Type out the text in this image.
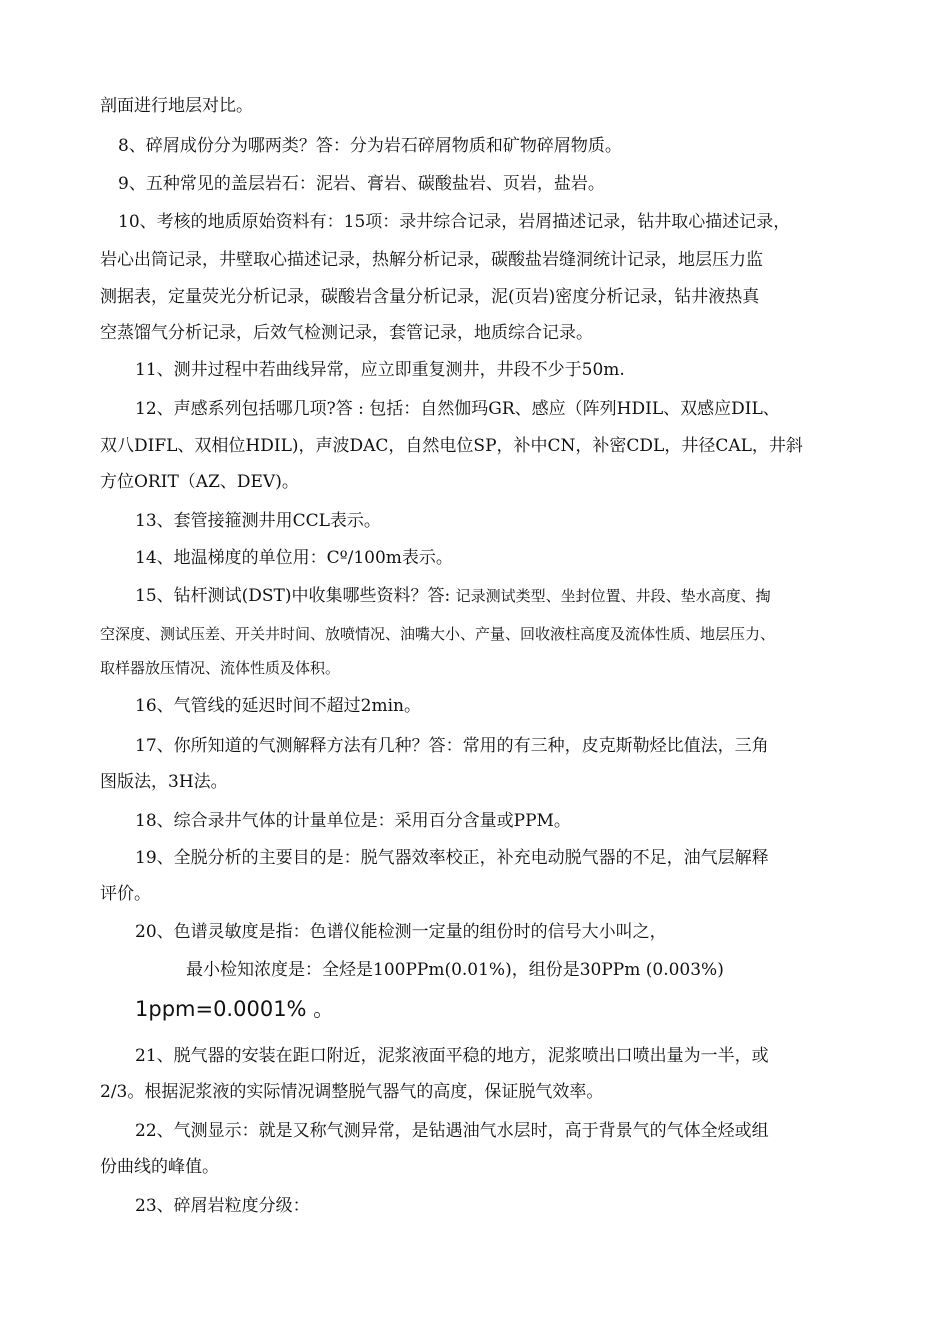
剖面进行地层对比。
8、碎屑成份分为哪两类？答：分为岩石碎屑物质和矿物碎屑物质。
9、五种常见的盖层岩石：泥岩、膏岩、碳酸盐岩、页岩，盐岩。
10、考核的地质原始资料有：15项：录井综合记录，岩屑描述记录，钻井取心描述记录，
岩心出筒记录，井壁取心描述记录，热解分析记录，碳酸盐岩缝洞统计记录，地层压力监
测据表，定量荧光分析记录，碳酸岩含量分析记录，泥(页岩)密度分析记录，钻井液热真
空蒸馏气分析记录，后效气检测记录，套管记录，地质综合记录。
11、测井过程中若曲线异常，应立即重复测井，井段不少于50m.
12、声感系列包括哪几项?答 : 包括：自然伽玛GR、感应（阵列HDIL、双感应DIL、
双八DIFL、双相位HDIL)，声波DAC，自然电位SP，补中CN，补密CDL，井径CAL，井斜
方位ORIT（AZ、DEV)。
13、套管接箍测井用CCL表示。
14、地温梯度的单位用：Cº/100m表示。
15、钻杆测试(DST)中收集哪些资料？答: 记录测试类型、坐封位置、井段、垫水高度、掏
空深度、测试压差、开关井时间、放喷情况、油嘴大小、产量、回收液柱高度及流体性质、地层压力、
取样器放压情况、流体性质及体积。
16、气管线的延迟时间不超过2min。
17、你所知道的气测解释方法有几种？答：常用的有三种，皮克斯勒烃比值法，三角
图版法，3H法。
18、综合录井气体的计量单位是：采用百分含量或PPM。
19、全脱分析的主要目的是：脱气器效率校正，补充电动脱气器的不足，油气层解释
评价。
20、色谱灵敏度是指：色谱仪能检测一定量的组份时的信号大小叫之，
最小检知浓度是：全烃是100PPm(0.01%)，组份是30PPm (0.003%)
1ppm=0.0001% 。
21、脱气器的安装在距口附近，泥浆液面平稳的地方，泥浆喷出口喷出量为一半，或
2/3。根据泥浆液的实际情况调整脱气器气的高度，保证脱气效率。
22、气测显示：就是又称气测异常，是钻遇油气水层时，高于背景气的气体全烃或组
份曲线的峰值。
23、碎屑岩粒度分级：
